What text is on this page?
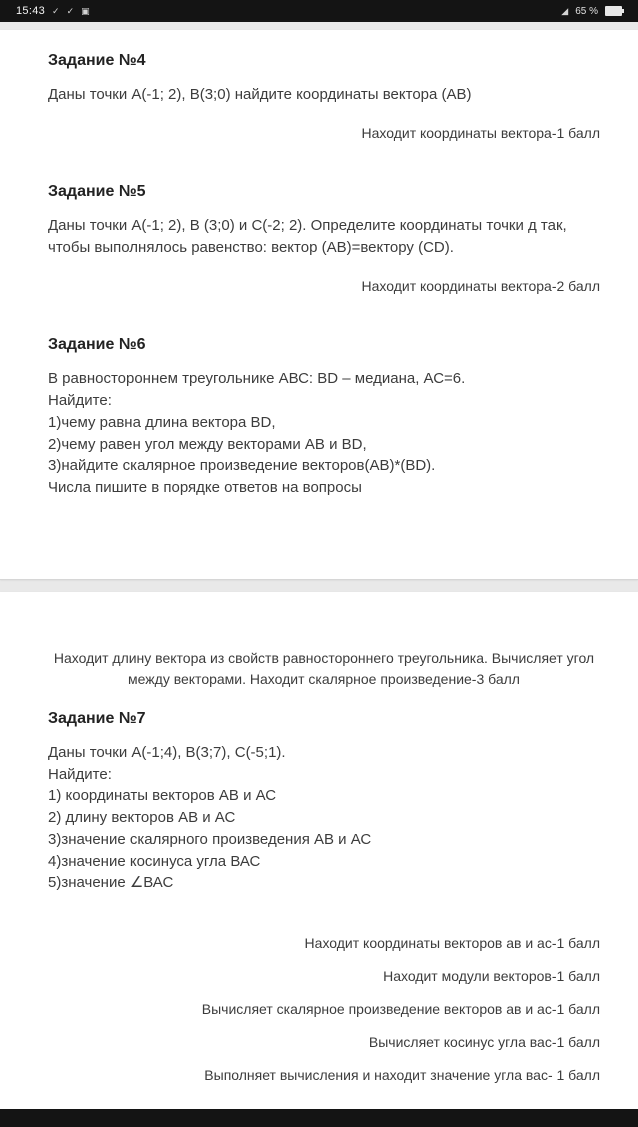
15:43 ✓ ✓ ▣	◢ 65 %
Задание №4

Даны точки А(-1; 2), В(3;0) найдите координаты вектора (АВ)

Находит координаты вектора-1 балл
Задание №5

Даны точки А(-1; 2), В (3;0) и С(-2; 2). Определите координаты точки д так, чтобы выполнялось равенство: вектор (АВ)=вектору (CD).

Находит координаты вектора-2 балл
Задание №6

В равностороннем треугольнике АВС: BD – медиана, АС=6.

Найдите:

1)чему равна длина вектора BD,

2)чему равен угол между векторами АВ и BD,

3)найдите скалярное произведение векторов(АВ)*(BD).

Числа пишите в порядке ответов на вопросы

Находит длину вектора из свойств равностороннего треугольника. Вычисляет угол между векторами. Находит скалярное произведение-3 балл

Задание №7

Даны точки А(-1;4), В(3;7), С(-5;1).

Найдите:

1) координаты векторов АВ и АС

2) длину векторов АВ и АС

3)значение скалярного произведения АВ и АС

4)значение косинуса угла ВАС

5)значение ∠ВАС

Находит координаты векторов ав и ас-1 балл
Находит модули векторов-1 балл
Вычисляет скалярное произведение векторов ав и ас-1 балл
Вычисляет косинус угла вас-1 балл
Выполняет вычисления и находит значение угла вас- 1 балл
